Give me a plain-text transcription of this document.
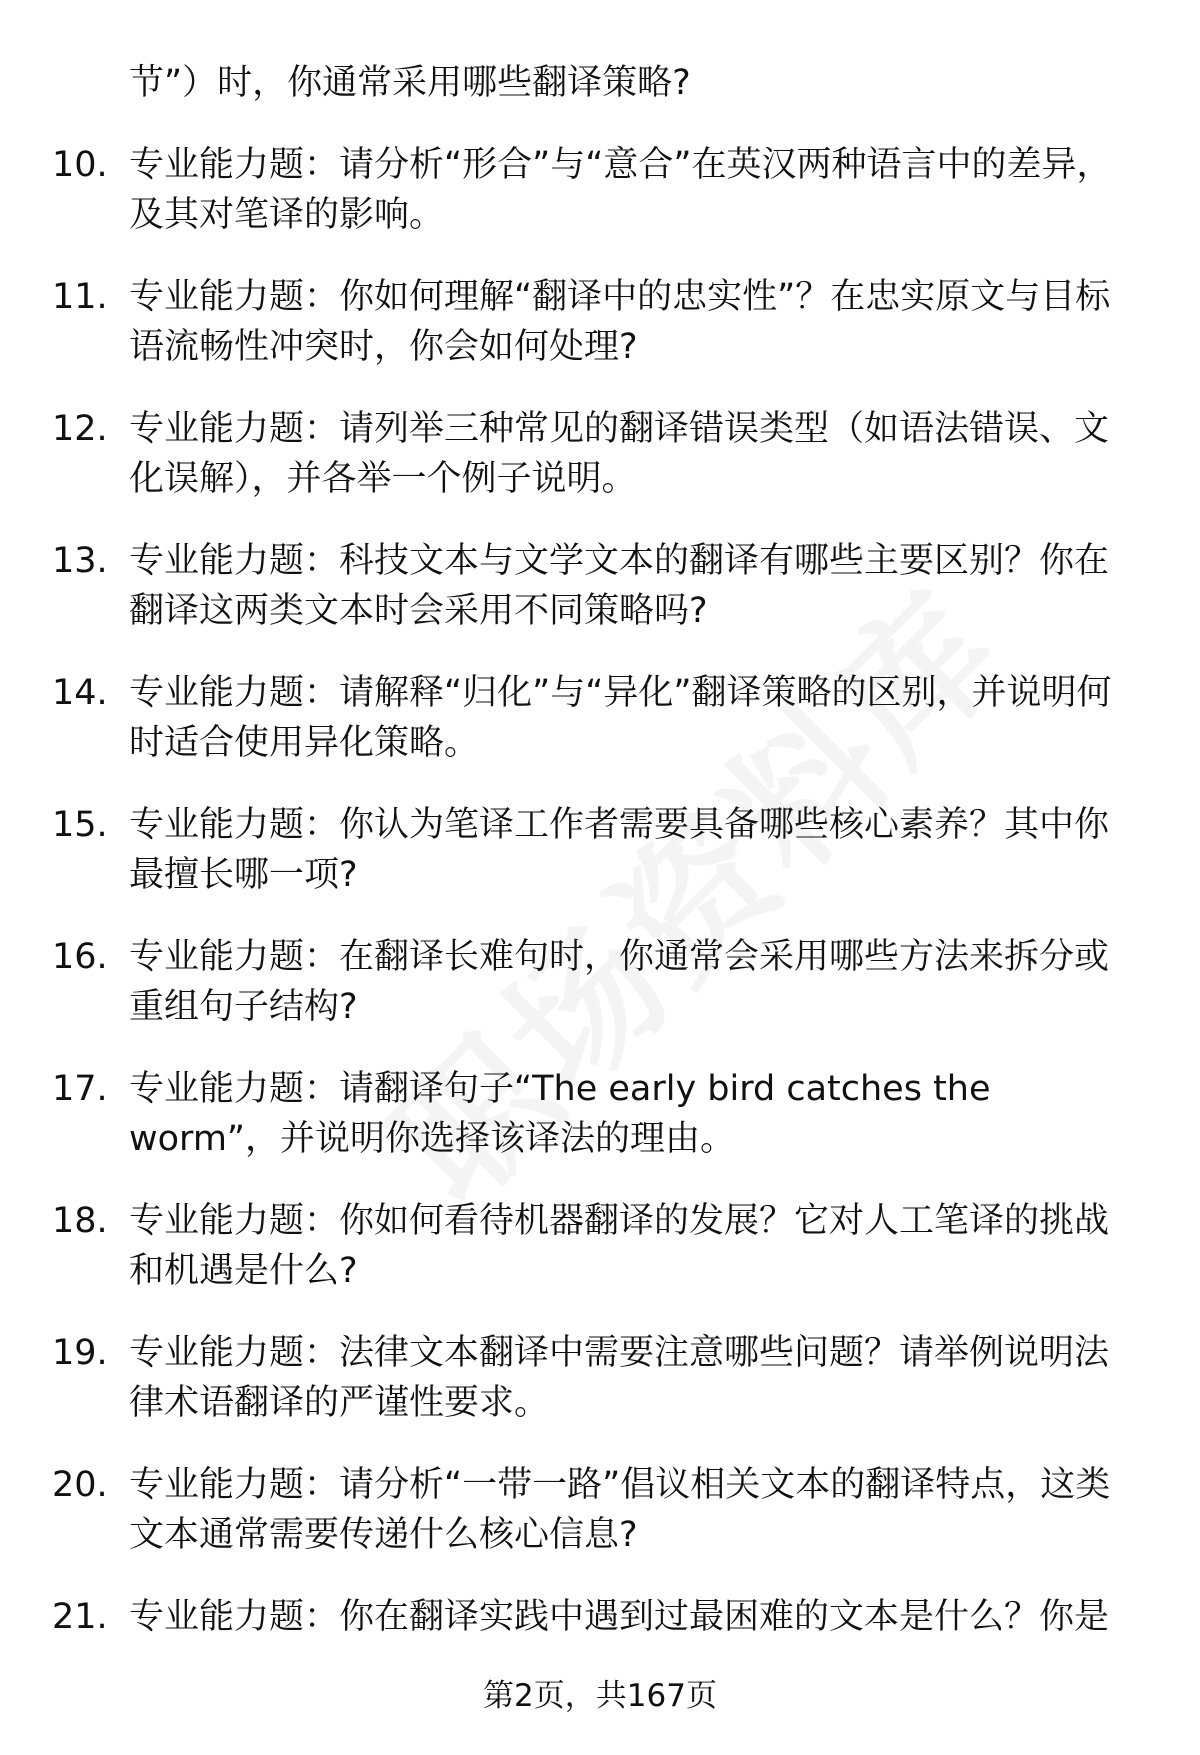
节”）时，你通常采用哪些翻译策略?
10. 专业能力题：请分析“形合”与“意合”在英汉两种语言中的差异，及其对笔译的影响。
11. 专业能力题：你如何理解“翻译中的忠实性”？在忠实原文与目标语流畅性冲突时，你会如何处理?
12. 专业能力题：请列举三种常见的翻译错误类型（如语法错误、文化误解），并各举一个例子说明。
13. 专业能力题：科技文本与文学文本的翻译有哪些主要区别？你在翻译这两类文本时会采用不同策略吗?
14. 专业能力题：请解释“归化”与“异化”翻译策略的区别，并说明何时适合使用异化策略。
15. 专业能力题：你认为笔译工作者需要具备哪些核心素养？其中你最擅长哪一项?
16. 专业能力题：在翻译长难句时，你通常会采用哪些方法来拆分或重组句子结构?
17. 专业能力题：请翻译句子“The early bird catches the worm”，并说明你选择该译法的理由。
18. 专业能力题：你如何看待机器翻译的发展？它对人工笔译的挑战和机遇是什么?
19. 专业能力题：法律文本翻译中需要注意哪些问题？请举例说明法律术语翻译的严谨性要求。
20. 专业能力题：请分析“一带一路”倡议相关文本的翻译特点，这类文本通常需要传递什么核心信息?
21. 专业能力题：你在翻译实践中遇到过最困难的文本是什么？你是
第2页，共167页
